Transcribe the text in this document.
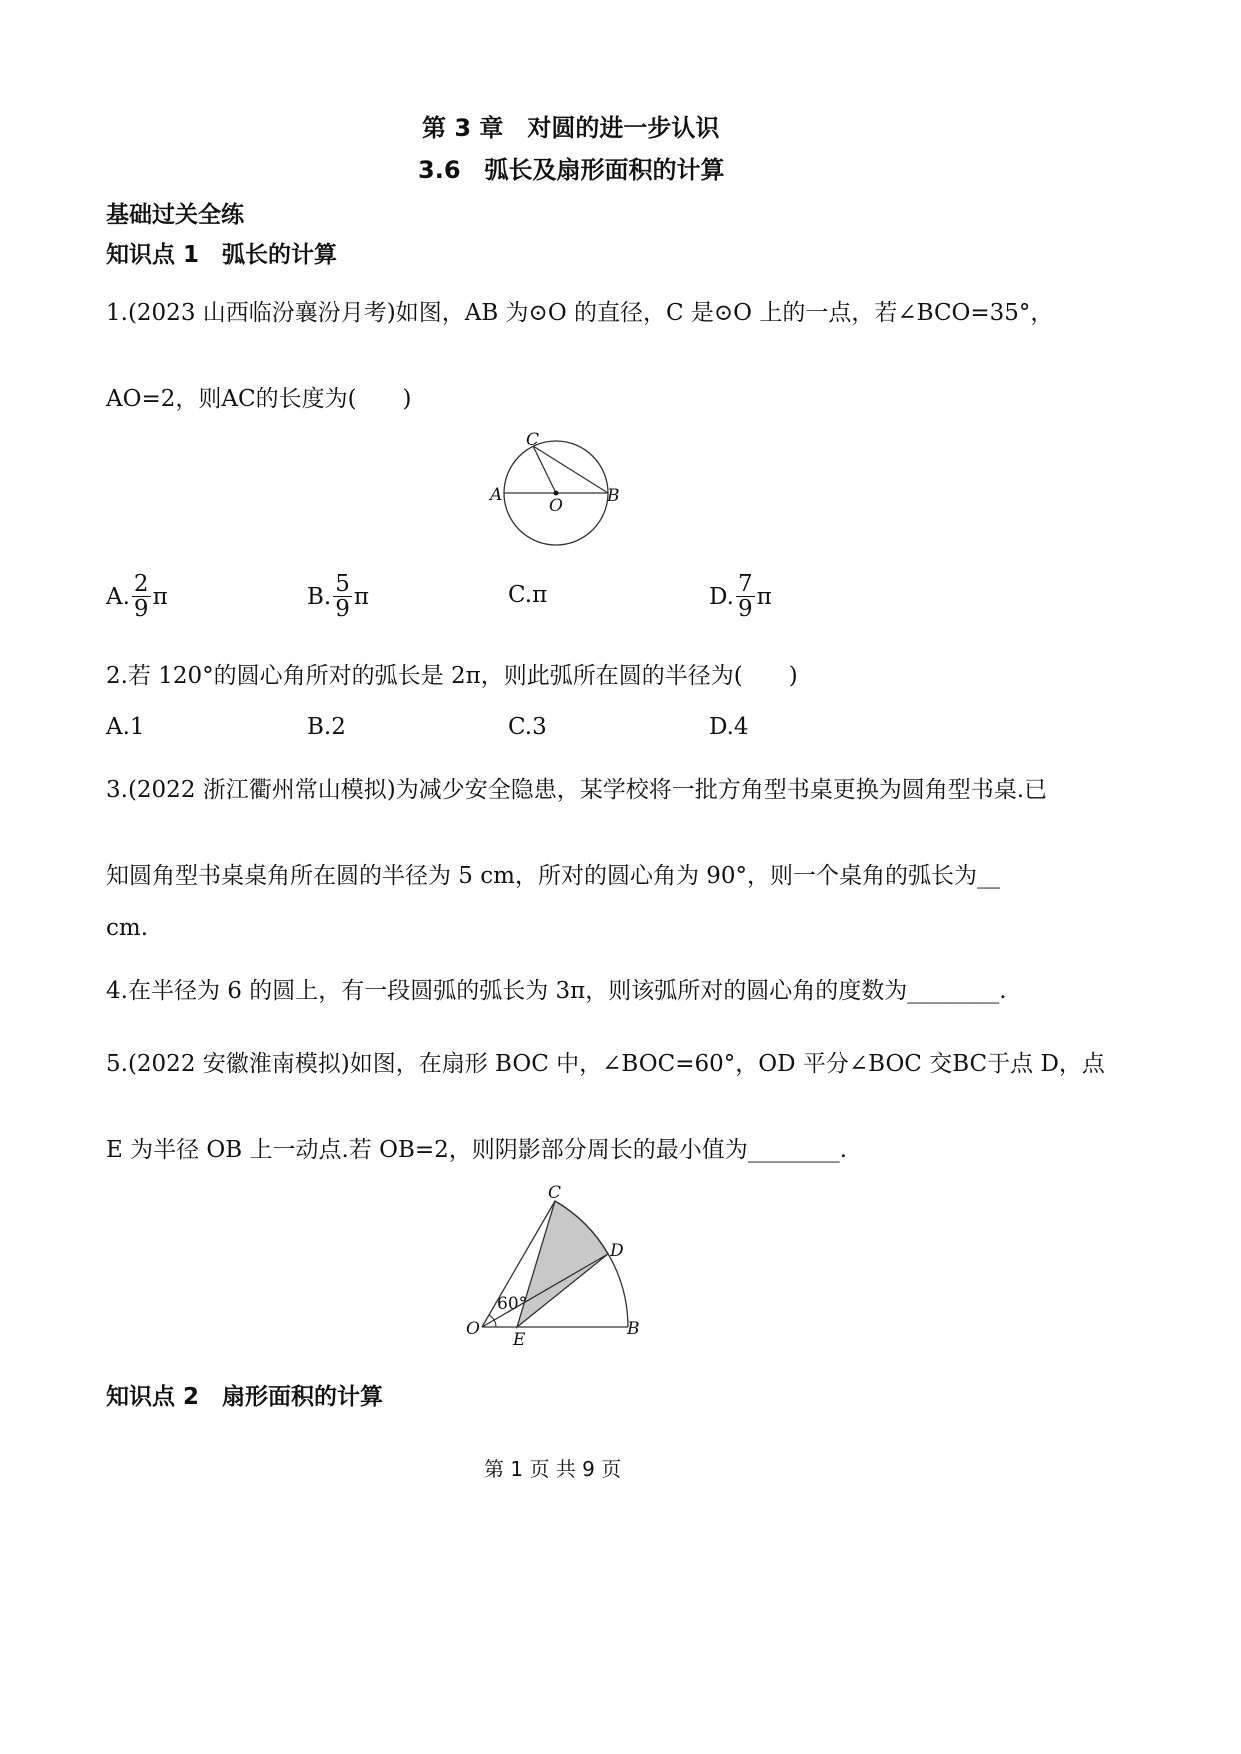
第 3 章　对圆的进一步认识
3.6　弧长及扇形面积的计算
基础过关全练
知识点 1　弧长的计算
1.(2023 山西临汾襄汾月考)如图，AB 为⊙O 的直径，C 是⊙O 上的一点，若∠BCO=35°，
AO=2，则AC的长度为(　　)
C
A
O	B
A. $\frac{2}{9}$ π	B. $\frac{5}{9}$ π	C.π	D. $\frac{7}{9}$ π
2.若 120°的圆心角所对的弧长是 2π，则此弧所在圆的半径为(　　)
A.1	B.2	C.3	D.4
3.(2022 浙江衢州常山模拟)为减少安全隐患，某学校将一批方角型书桌更换为圆角型书桌.已
知圆角型书桌桌角所在圆的半径为 5 cm，所对的圆心角为 90°，则一个桌角的弧长为__
cm.
4.在半径为 6 的圆上，有一段圆弧的弧长为 3π，则该弧所对的圆心角的度数为________.
5.(2022 安徽淮南模拟)如图，在扇形 BOC 中，∠BOC=60°，OD 平分∠BOC 交BC于点 D，点
E 为半径 OB 上一动点.若 OB=2，则阴影部分周长的最小值为________.
C
D
O
E
B
60°
知识点 2　扇形面积的计算
第 1 页 共 9 页
